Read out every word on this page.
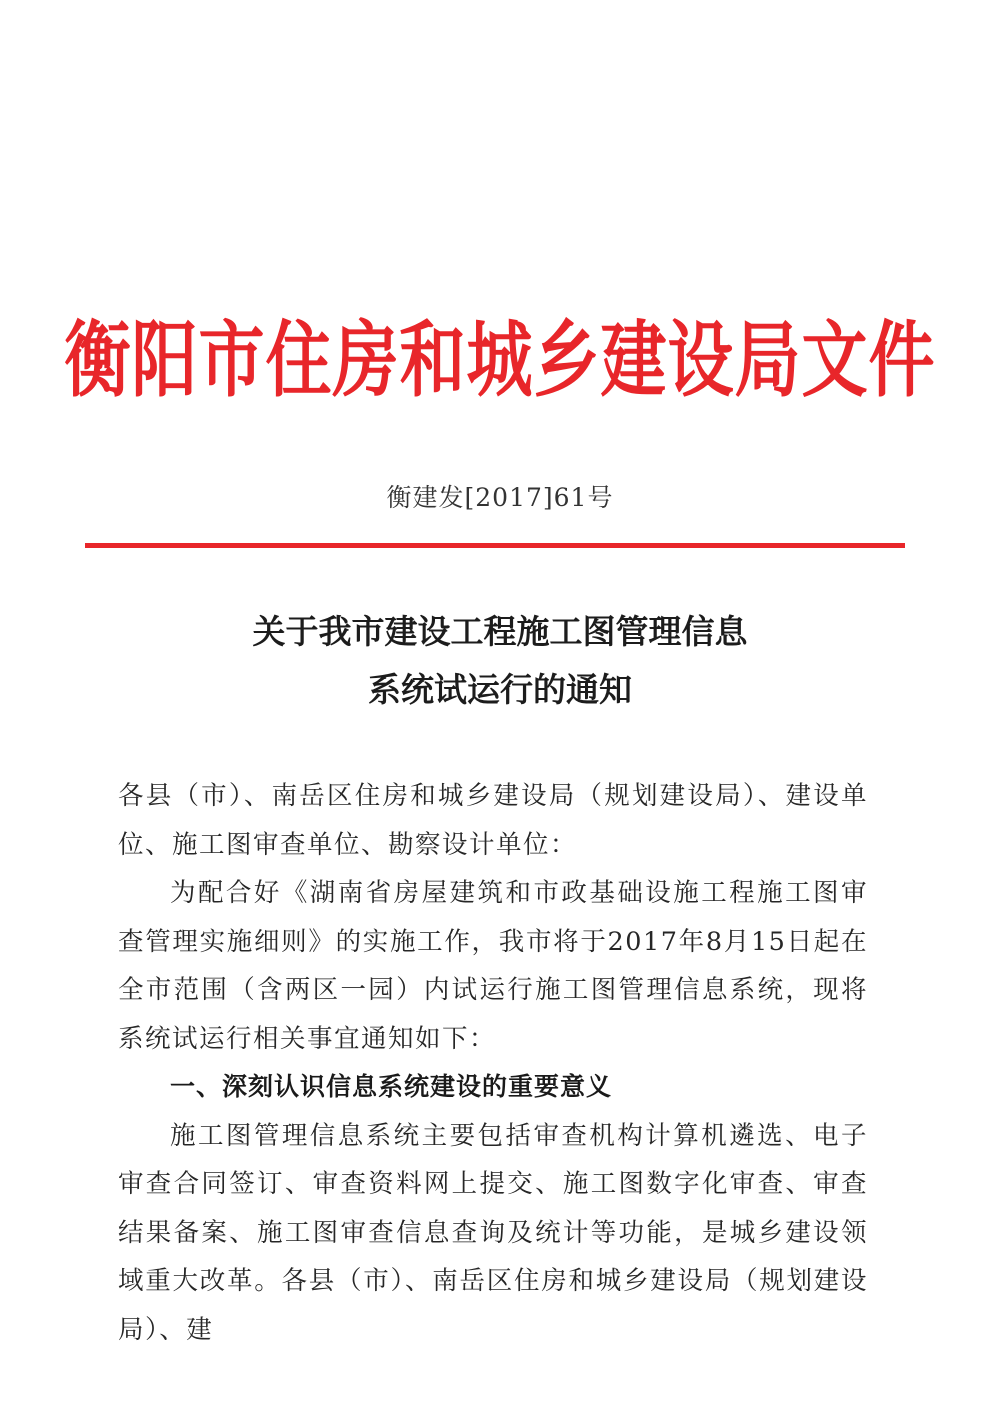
衡阳市住房和城乡建设局文件
衡建发[2017]61号
关于我市建设工程施工图管理信息
系统试运行的通知

各县（市）、南岳区住房和城乡建设局（规划建设局）、建设单位、施工图审查单位、勘察设计单位：

为配合好《湖南省房屋建筑和市政基础设施工程施工图审查管理实施细则》的实施工作，我市将于2017年8月15日起在全市范围（含两区一园）内试运行施工图管理信息系统，现将系统试运行相关事宜通知如下：

一、深刻认识信息系统建设的重要意义

施工图管理信息系统主要包括审查机构计算机遴选、电子审查合同签订、审查资料网上提交、施工图数字化审查、审查结果备案、施工图审查信息查询及统计等功能，是城乡建设领域重大改革。各县（市）、南岳区住房和城乡建设局（规划建设局）、建
